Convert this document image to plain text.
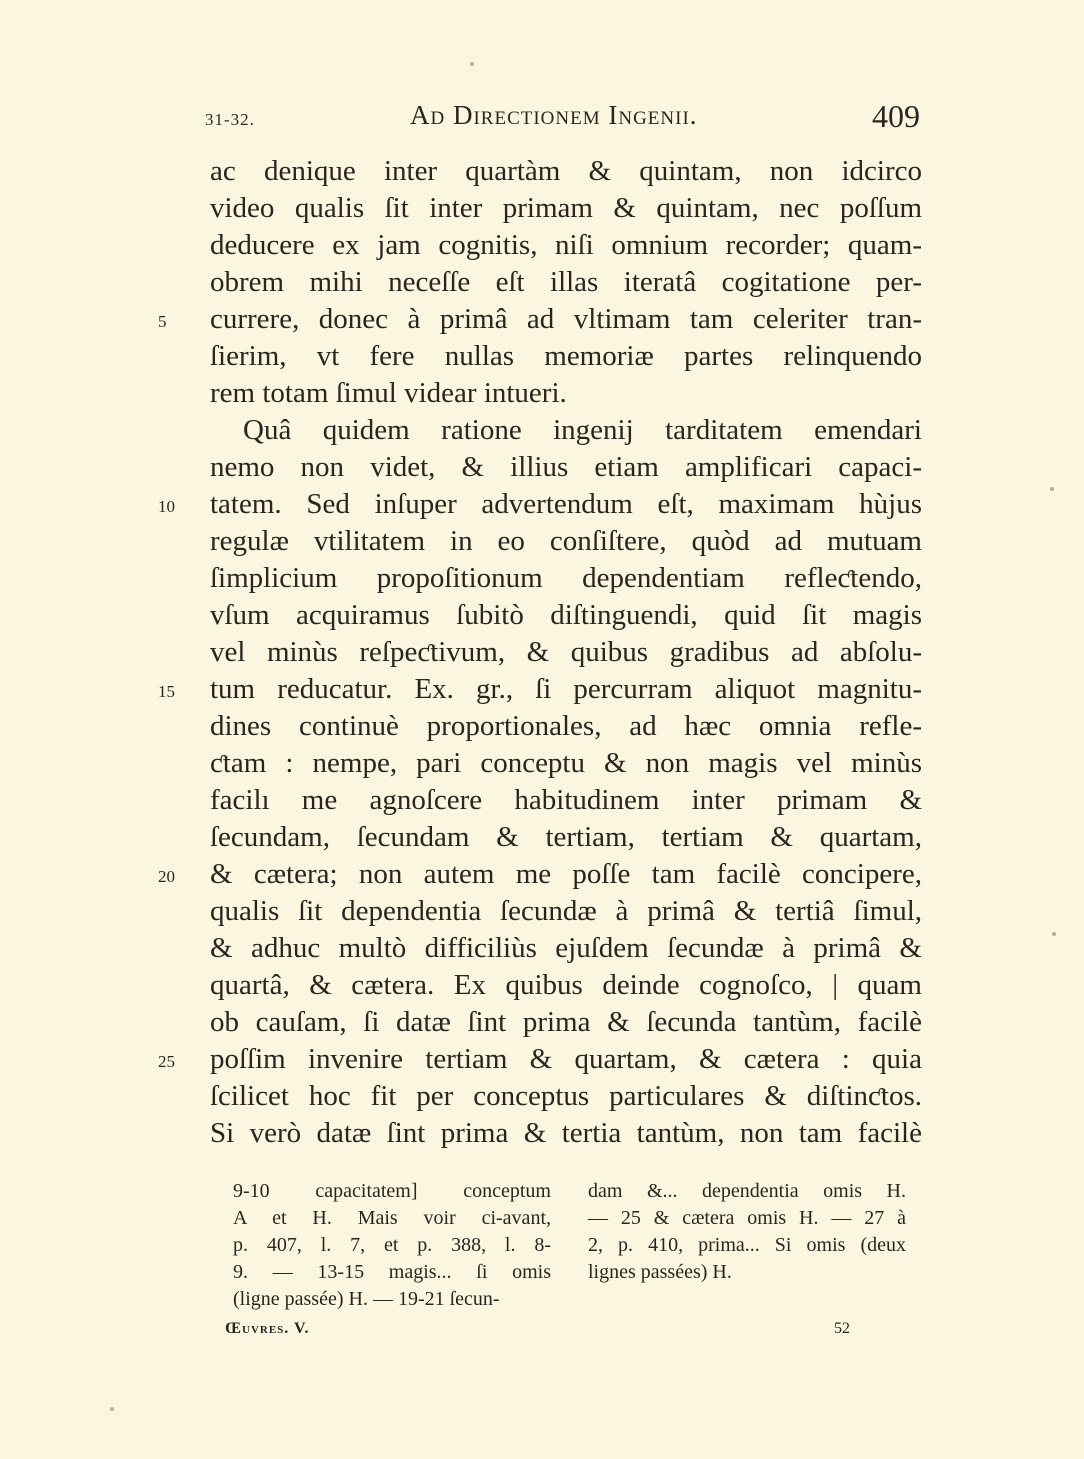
31-32.	Ad Directionem Ingenii.	409
ac denique inter quartàm & quintam, non idcirco
video qualis ſit inter primam & quintam, nec poſſum
deducere ex jam cognitis, niſi omnium recorder; quam-
obrem mihi neceſſe eſt illas iteratâ cogitatione per-
5	currere, donec à primâ ad vltimam tam celeriter tran-
ſierim, vt fere nullas memoriæ partes relinquendo
rem totam ſimul videar intueri.
Quâ quidem ratione ingenij tarditatem emendari
nemo non videt, & illius etiam amplificari capaci-
10	tatem. Sed inſuper advertendum eſt, maximam hùjus
regulæ vtilitatem in eo conſiſtere, quòd ad mutuam
ſimplicium propoſitionum dependentiam refleƈtendo,
vſum acquiramus ſubitò diſtinguendi, quid ſit magis
vel minùs reſpeƈtivum, & quibus gradibus ad abſolu-
15	tum reducatur. Ex. gr., ſi percurram aliquot magnitu-
dines continuè proportionales, ad hæc omnia refle-
ƈtam : nempe, pari conceptu & non magis vel minùs
facilı me agnoſcere habitudinem inter primam &
ſecundam, ſecundam & tertiam, tertiam & quartam,
20	& cætera; non autem me poſſe tam facilè concipere,
qualis ſit dependentia ſecundæ à primâ & tertiâ ſimul,
& adhuc multò difficiliùs ejuſdem ſecundæ à primâ &
quartâ, & cætera. Ex quibus deinde cognoſco, | quam
ob cauſam, ſi datæ ſint prima & ſecunda tantùm, facilè
25	poſſim invenire tertiam & quartam, & cætera : quia
ſcilicet hoc fit per conceptus particulares & diſtinƈtos.
Si verò datæ ſint prima & tertia tantùm, non tam facilè
9-10 capacitatem] conceptum
A et H. Mais voir ci-avant,
p. 407, l. 7, et p. 388, l. 8-
9. — 13-15 magis... ſi omis
(ligne passée) H. — 19-21 ſecun-
dam &... dependentia omis H.
— 25 & cætera omis H. — 27 à
2, p. 410, prima... Si omis (deux
lignes passées) H.
Œuvres. V.	52
